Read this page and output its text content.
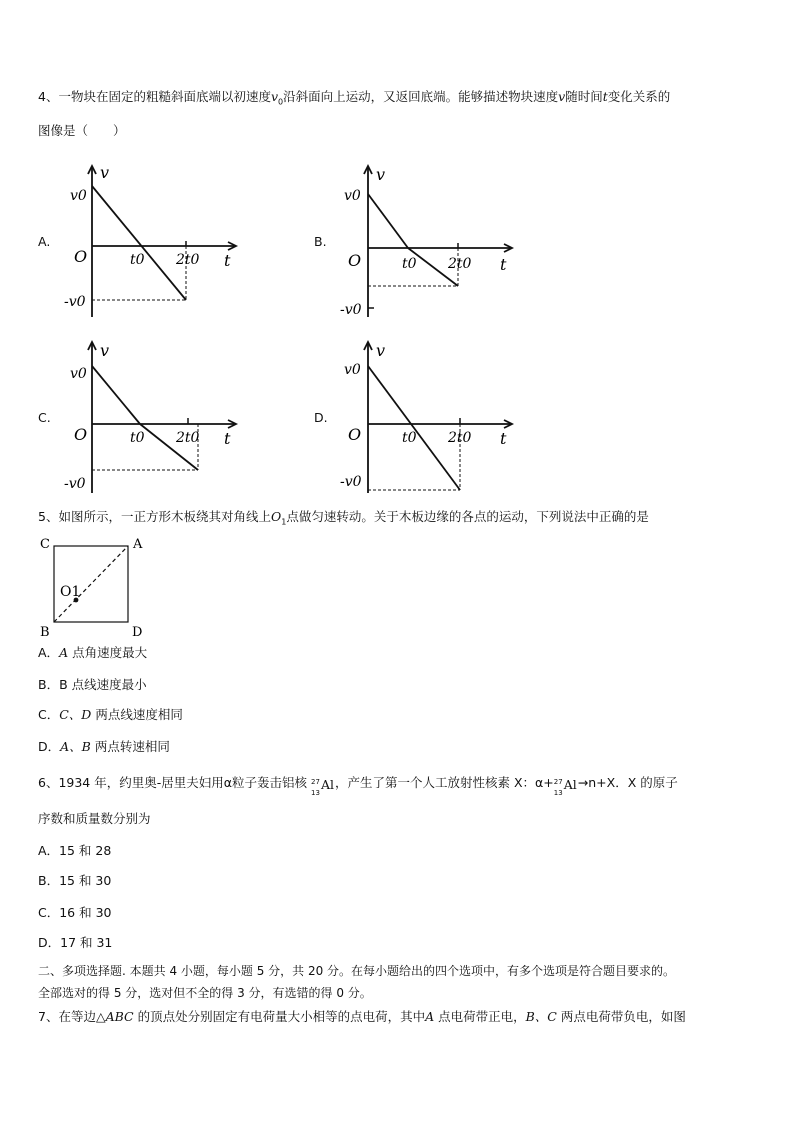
4、一物块在固定的粗糙斜面底端以初速度$v_0$沿斜面向上运动，又返回底端。能够描述物块速度v随时间t变化关系的
图像是（　　）
A.	B.
C.	D.
v
t
O
v0
-v0
t0 2t0
v
t
O
v0
-v0
t0 2t0
v
t
O
v0
-v0
t0 2t0
v
t
O
v0
-v0
t0 2t0
5、如图所示，一正方形木板绕其对角线上$O_1$点做匀速转动。关于木板边缘的各点的运动，下列说法中正确的是
C	A
B	D
O1
A．A 点角速度最大
B．B 点线速度最小
C．C、D 两点线速度相同
D．A、B 两点转速相同
6、1934 年，约里奥-居里夫妇用α粒子轰击铝核 27
13
Al ，产生了第一个人工放射性核素 X：α+ 27
13
Al →n+X．X 的原子
序数和质量数分别为
A．15 和 28
B．15 和 30
C．16 和 30
D．17 和 31
二、多项选择题. 本题共 4 小题，每小题 5 分，共 20 分。在每小题给出的四个选项中，有多个选项是符合题目要求的。
全部选对的得 5 分，选对但不全的得 3 分，有选错的得 0 分。
7、在等边△ABC 的顶点处分别固定有电荷量大小相等的点电荷，其中A 点电荷带正电，B、C 两点电荷带负电，如图
